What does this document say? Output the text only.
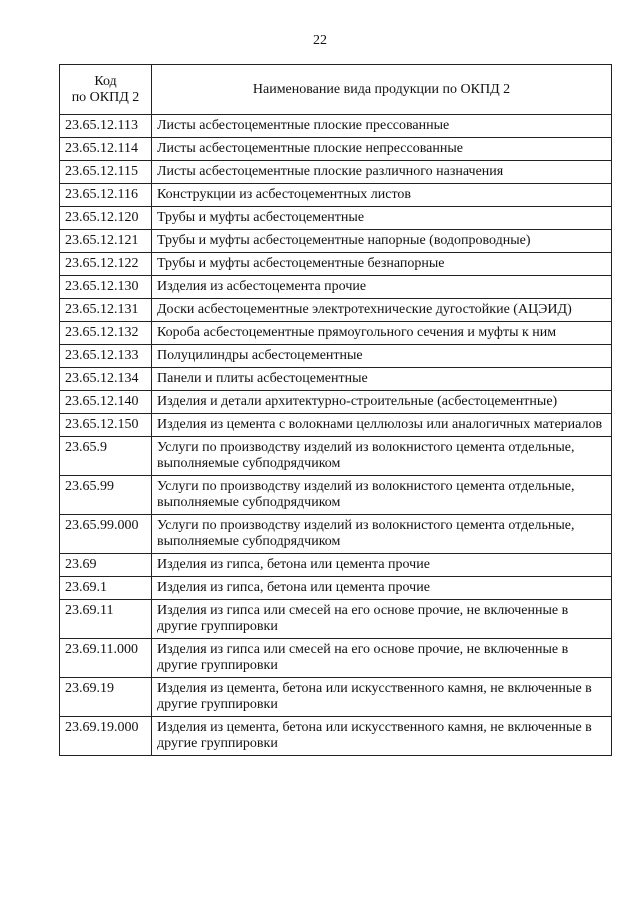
22
Код
по ОКПД 2	Наименование вида продукции по ОКПД 2
23.65.12.113	Листы асбестоцементные плоские прессованные
23.65.12.114	Листы асбестоцементные плоские непрессованные
23.65.12.115	Листы асбестоцементные плоские различного назначения
23.65.12.116	Конструкции из асбестоцементных листов
23.65.12.120	Трубы и муфты асбестоцементные
23.65.12.121	Трубы и муфты асбестоцементные напорные (водопроводные)
23.65.12.122	Трубы и муфты асбестоцементные безнапорные
23.65.12.130	Изделия из асбестоцемента прочие
23.65.12.131	Доски асбестоцементные электротехнические дугостойкие (АЦЭИД)
23.65.12.132	Короба асбестоцементные прямоугольного сечения и муфты к ним
23.65.12.133	Полуцилиндры асбестоцементные
23.65.12.134	Панели и плиты асбестоцементные
23.65.12.140	Изделия и детали архитектурно-строительные (асбестоцементные)
23.65.12.150	Изделия из цемента с волокнами целлюлозы или аналогичных материалов
23.65.9	Услуги по производству изделий из волокнистого цемента отдельные, выполняемые субподрядчиком
23.65.99	Услуги по производству изделий из волокнистого цемента отдельные, выполняемые субподрядчиком
23.65.99.000	Услуги по производству изделий из волокнистого цемента отдельные, выполняемые субподрядчиком
23.69	Изделия из гипса, бетона или цемента прочие
23.69.1	Изделия из гипса, бетона или цемента прочие
23.69.11	Изделия из гипса или смесей на его основе прочие, не включенные в другие группировки
23.69.11.000	Изделия из гипса или смесей на его основе прочие, не включенные в другие группировки
23.69.19	Изделия из цемента, бетона или искусственного камня, не включенные в другие группировки
23.69.19.000	Изделия из цемента, бетона или искусственного камня, не включенные в другие группировки
